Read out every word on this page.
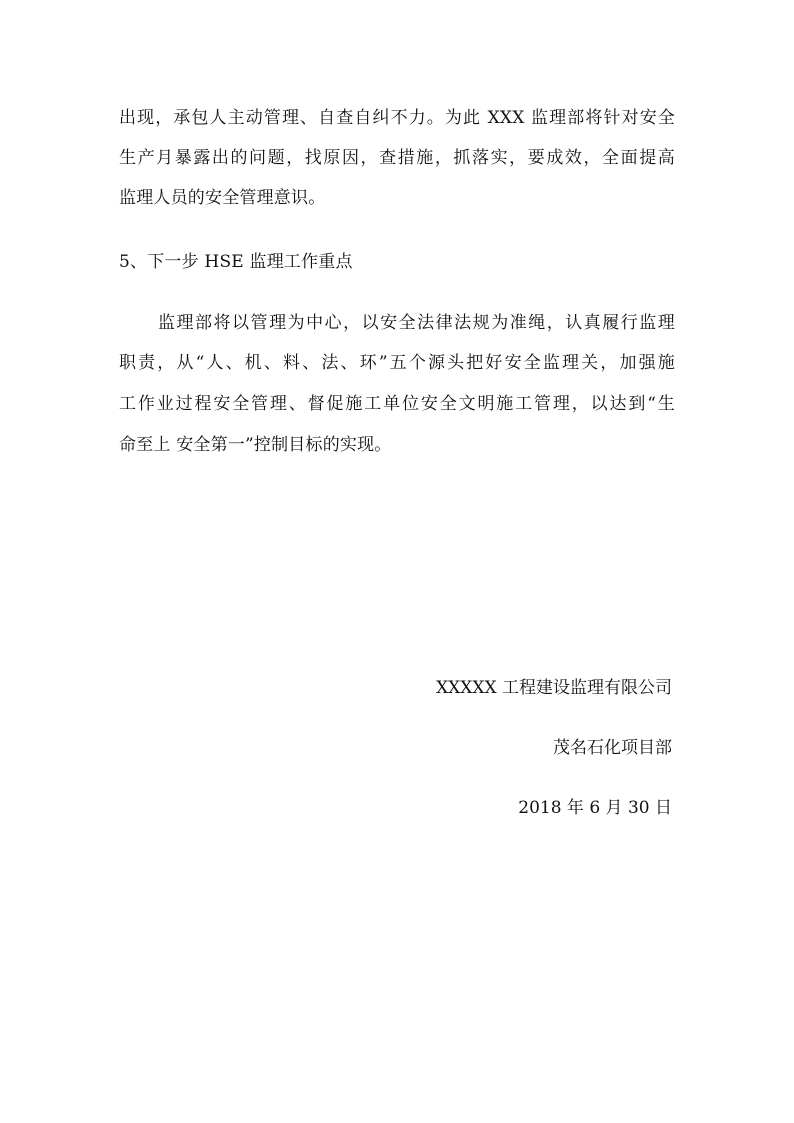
出现，承包人主动管理、自查自纠不力。为此 XXX 监理部将针对安全
生产月暴露出的问题，找原因，查措施，抓落实，要成效，全面提高
监理人员的安全管理意识。
5、下一步 HSE 监理工作重点
监理部将以管理为中心，以安全法律法规为准绳，认真履行监理
职责，从“人、机、料、法、环”五个源头把好安全监理关，加强施
工作业过程安全管理、督促施工单位安全文明施工管理，以达到“生
命至上 安全第一”控制目标的实现。
XXXXX 工程建设监理有限公司
茂名石化项目部
2018 年 6 月 30 日
